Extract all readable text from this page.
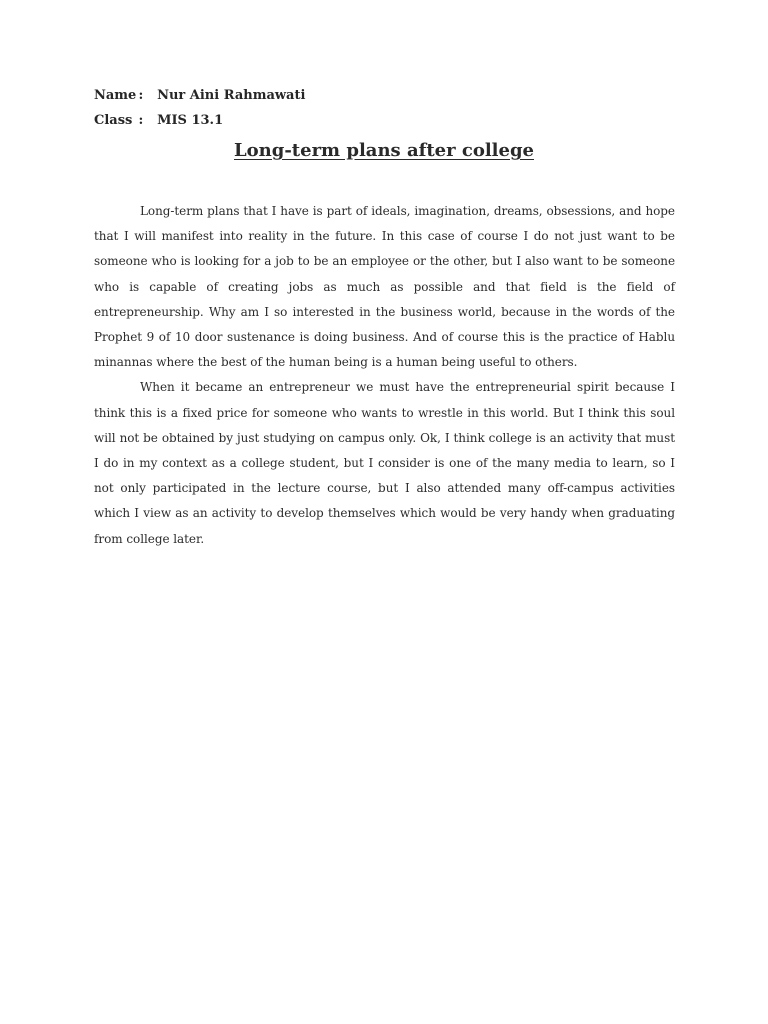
Name : Nur Aini Rahmawati
Class : MIS 13.1
Long-term plans after college

Long-term plans that I have is part of ideals, imagination, dreams, obsessions, and hope that I will manifest into reality in the future. In this case of course I do not just want to be someone who is looking for a job to be an employee or the other, but I also want to be someone who is capable of creating jobs as much as possible and that field is the field of entrepreneurship. Why am I so interested in the business world, because in the words of the Prophet 9 of 10 door sustenance is doing business. And of course this is the practice of Hablu minannas where the best of the human being is a human being useful to others.

When it became an entrepreneur we must have the entrepreneurial spirit because I think this is a fixed price for someone who wants to wrestle in this world. But I think this soul will not be obtained by just studying on campus only. Ok, I think college is an activity that must I do in my context as a college student, but I consider is one of the many media to learn, so I not only participated in the lecture course, but I also attended many off-campus activities which I view as an activity to develop themselves which would be very handy when graduating from college later.
